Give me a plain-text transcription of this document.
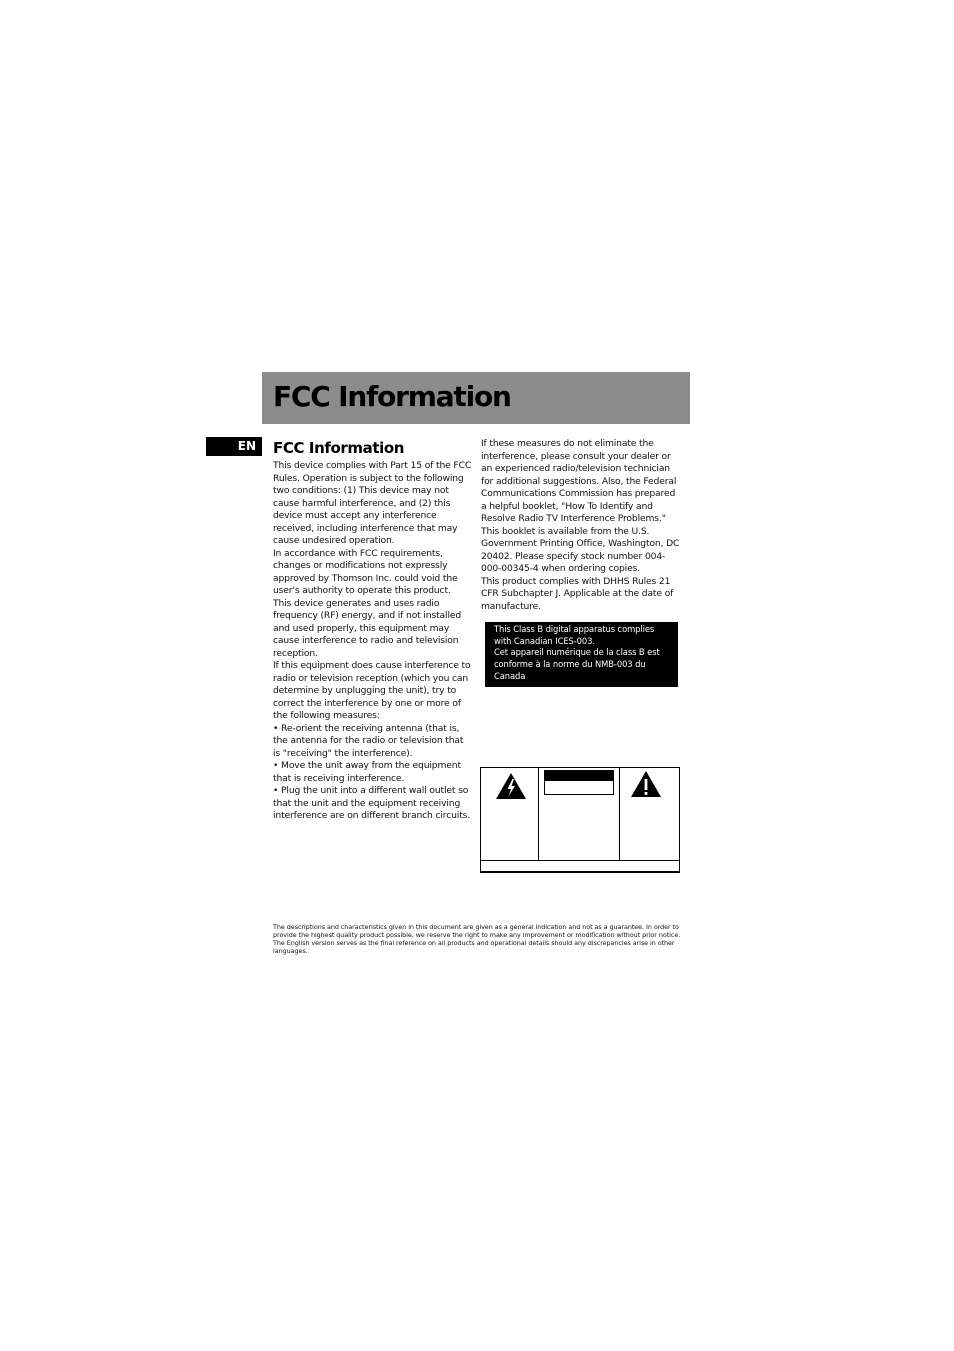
FCC Information
EN FCC Information

This device complies with Part 15 of the FCC Rules. Operation is subject to the following two conditions: (1) This device may not cause harmful interference, and (2) this device must accept any interference received, including interference that may cause undesired operation.

In accordance with FCC requirements, changes or modifications not expressly approved by Thomson Inc. could void the user's authority to operate this product.

This device generates and uses radio frequency (RF) energy, and if not installed and used properly, this equipment may cause interference to radio and television reception.

If this equipment does cause interference to radio or television reception (which you can determine by unplugging the unit), try to correct the interference by one or more of the following measures:

• Re-orient the receiving antenna (that is, the antenna for the radio or television that is "receiving" the interference).

• Move the unit away from the equipment that is receiving interference.

• Plug the unit into a different wall outlet so that the unit and the equipment receiving interference are on different branch circuits.

If these measures do not eliminate the interference, please consult your dealer or an experienced radio/television technician for additional suggestions. Also, the Federal Communications Commission has prepared a helpful booklet, "How To Identify and Resolve Radio TV Interference Problems." This booklet is available from the U.S. Government Printing Office, Washington, DC 20402. Please specify stock number 004-000-00345-4 when ordering copies.

This product complies with DHHS Rules 21 CFR Subchapter J. Applicable at the date of manufacture.

This Class B digital apparatus complies with Canadian ICES-003.

Cet appareil numérique de la class B est conforme à la norme du NMB-003 du Canada

The descriptions and characteristics given in this document are given as a general indication and not as a guarantee. In order to provide the highest quality product possible, we reserve the right to make any improvement or modification without prior notice. The English version serves as the final reference on all products and operational details should any discrepancies arise in other languages.
